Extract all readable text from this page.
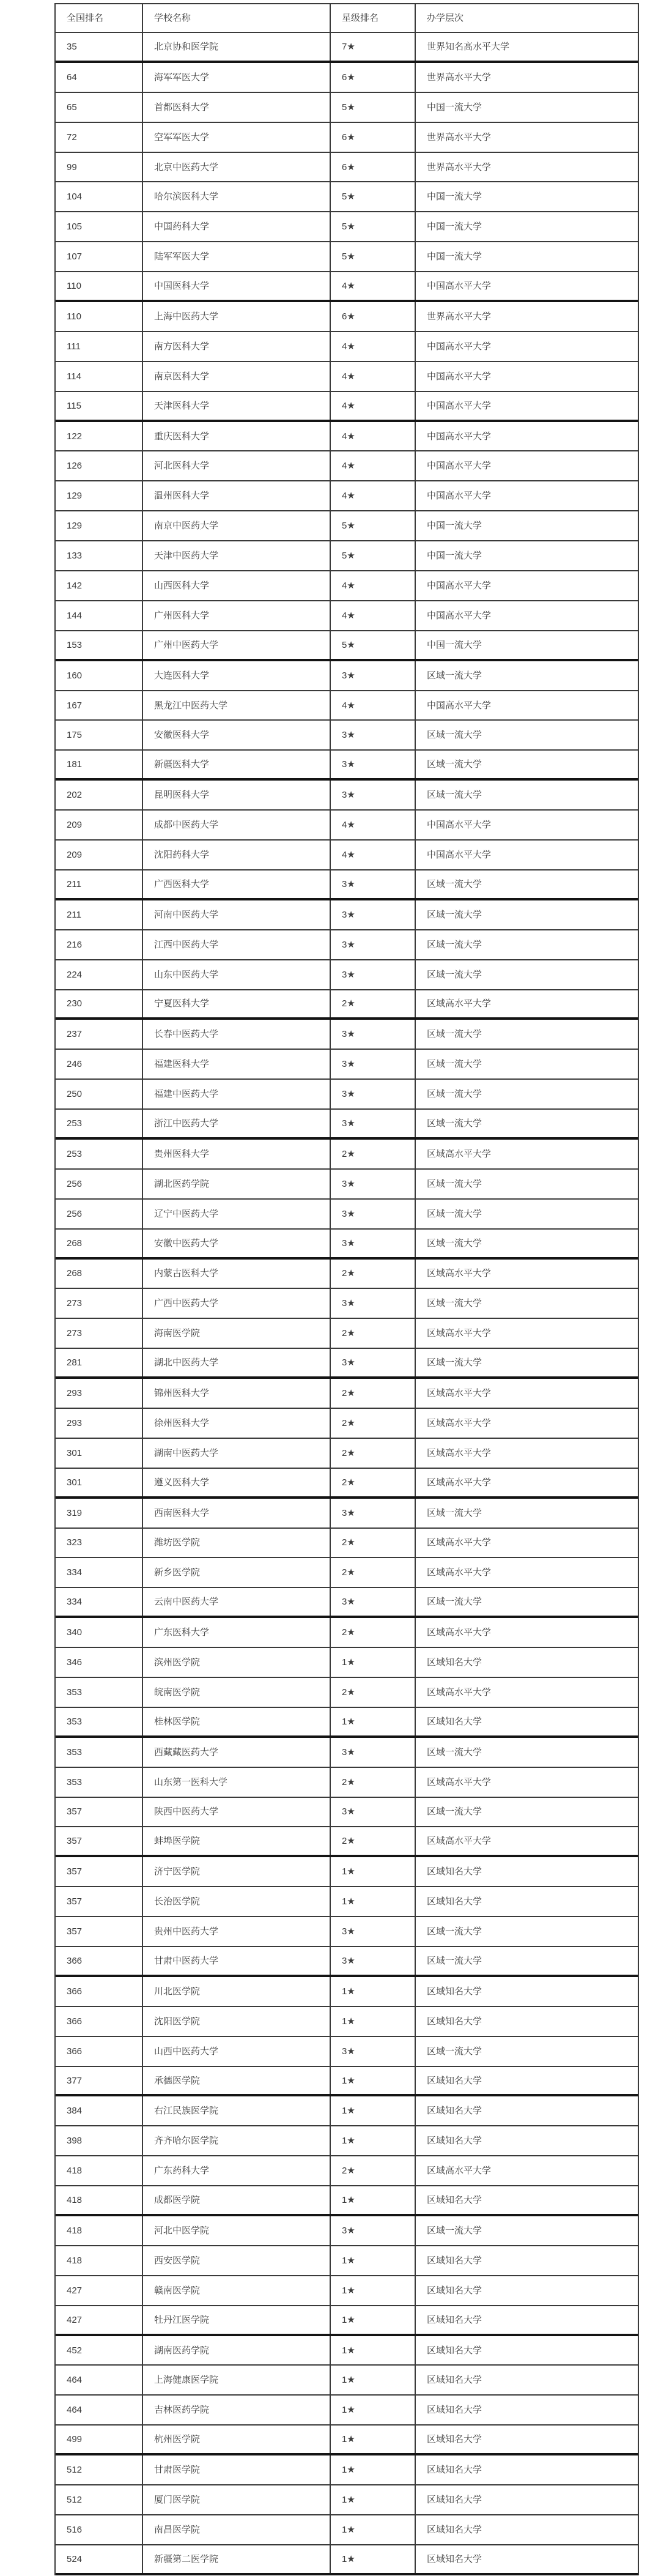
全国排名	学校名称	星级排名	办学层次
35	北京协和医学院	7★	世界知名高水平大学
64	海军军医大学	6★	世界高水平大学
65	首都医科大学	5★	中国一流大学
72	空军军医大学	6★	世界高水平大学
99	北京中医药大学	6★	世界高水平大学
104	哈尔滨医科大学	5★	中国一流大学
105	中国药科大学	5★	中国一流大学
107	陆军军医大学	5★	中国一流大学
110	中国医科大学	4★	中国高水平大学
110	上海中医药大学	6★	世界高水平大学
111	南方医科大学	4★	中国高水平大学
114	南京医科大学	4★	中国高水平大学
115	天津医科大学	4★	中国高水平大学
122	重庆医科大学	4★	中国高水平大学
126	河北医科大学	4★	中国高水平大学
129	温州医科大学	4★	中国高水平大学
129	南京中医药大学	5★	中国一流大学
133	天津中医药大学	5★	中国一流大学
142	山西医科大学	4★	中国高水平大学
144	广州医科大学	4★	中国高水平大学
153	广州中医药大学	5★	中国一流大学
160	大连医科大学	3★	区域一流大学
167	黑龙江中医药大学	4★	中国高水平大学
175	安徽医科大学	3★	区域一流大学
181	新疆医科大学	3★	区域一流大学
202	昆明医科大学	3★	区域一流大学
209	成都中医药大学	4★	中国高水平大学
209	沈阳药科大学	4★	中国高水平大学
211	广西医科大学	3★	区域一流大学
211	河南中医药大学	3★	区域一流大学
216	江西中医药大学	3★	区域一流大学
224	山东中医药大学	3★	区域一流大学
230	宁夏医科大学	2★	区域高水平大学
237	长春中医药大学	3★	区域一流大学
246	福建医科大学	3★	区域一流大学
250	福建中医药大学	3★	区域一流大学
253	浙江中医药大学	3★	区域一流大学
253	贵州医科大学	2★	区域高水平大学
256	湖北医药学院	3★	区域一流大学
256	辽宁中医药大学	3★	区域一流大学
268	安徽中医药大学	3★	区域一流大学
268	内蒙古医科大学	2★	区域高水平大学
273	广西中医药大学	3★	区域一流大学
273	海南医学院	2★	区域高水平大学
281	湖北中医药大学	3★	区域一流大学
293	锦州医科大学	2★	区域高水平大学
293	徐州医科大学	2★	区域高水平大学
301	湖南中医药大学	2★	区域高水平大学
301	遵义医科大学	2★	区域高水平大学
319	西南医科大学	3★	区域一流大学
323	潍坊医学院	2★	区域高水平大学
334	新乡医学院	2★	区域高水平大学
334	云南中医药大学	3★	区域一流大学
340	广东医科大学	2★	区域高水平大学
346	滨州医学院	1★	区域知名大学
353	皖南医学院	2★	区域高水平大学
353	桂林医学院	1★	区域知名大学
353	西藏藏医药大学	3★	区域一流大学
353	山东第一医科大学	2★	区域高水平大学
357	陕西中医药大学	3★	区域一流大学
357	蚌埠医学院	2★	区域高水平大学
357	济宁医学院	1★	区域知名大学
357	长治医学院	1★	区域知名大学
357	贵州中医药大学	3★	区域一流大学
366	甘肃中医药大学	3★	区域一流大学
366	川北医学院	1★	区域知名大学
366	沈阳医学院	1★	区域知名大学
366	山西中医药大学	3★	区域一流大学
377	承德医学院	1★	区域知名大学
384	右江民族医学院	1★	区域知名大学
398	齐齐哈尔医学院	1★	区域知名大学
418	广东药科大学	2★	区域高水平大学
418	成都医学院	1★	区域知名大学
418	河北中医学院	3★	区域一流大学
418	西安医学院	1★	区域知名大学
427	赣南医学院	1★	区域知名大学
427	牡丹江医学院	1★	区域知名大学
452	湖南医药学院	1★	区域知名大学
464	上海健康医学院	1★	区域知名大学
464	吉林医药学院	1★	区域知名大学
499	杭州医学院	1★	区域知名大学
512	甘肃医学院	1★	区域知名大学
512	厦门医学院	1★	区域知名大学
516	南昌医学院	1★	区域知名大学
524	新疆第二医学院	1★	区域知名大学
